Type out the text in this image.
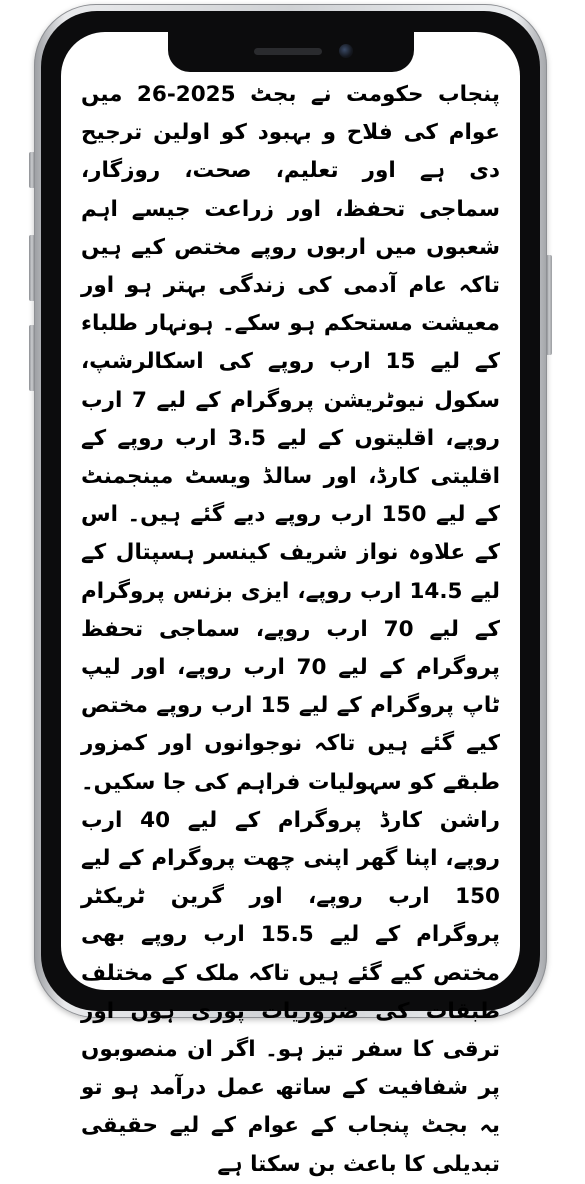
پنجاب حکومت نے بجٹ 2025-26 میں عوام کی فلاح و بہبود کو اولین ترجیح دی ہے اور تعلیم، صحت، روزگار، سماجی تحفظ، اور زراعت جیسے اہم شعبوں میں اربوں روپے مختص کیے ہیں تاکہ عام آدمی کی زندگی بہتر ہو اور معیشت مستحکم ہو سکے۔ ہونہار طلباء کے لیے 15 ارب روپے کی اسکالرشپ، سکول نیوٹریشن پروگرام کے لیے 7 ارب روپے، اقلیتوں کے لیے 3.5 ارب روپے کے اقلیتی کارڈ، اور سالڈ ویسٹ مینجمنٹ کے لیے 150 ارب روپے دیے گئے ہیں۔ اس کے علاوہ نواز شریف کینسر ہسپتال کے لیے 14.5 ارب روپے، ایزی بزنس پروگرام کے لیے 70 ارب روپے، سماجی تحفظ پروگرام کے لیے 70 ارب روپے، اور لیپ ٹاپ پروگرام کے لیے 15 ارب روپے مختص کیے گئے ہیں تاکہ نوجوانوں اور کمزور طبقے کو سہولیات فراہم کی جا سکیں۔ راشن کارڈ پروگرام کے لیے 40 ارب روپے، اپنا گھر اپنی چھت پروگرام کے لیے 150 ارب روپے، اور گرین ٹریکٹر پروگرام کے لیے 15.5 ارب روپے بھی مختص کیے گئے ہیں تاکہ ملک کے مختلف طبقات کی ضروریات پوری ہوں اور ترقی کا سفر تیز ہو۔ اگر ان منصوبوں پر شفافیت کے ساتھ عمل درآمد ہو تو یہ بجٹ پنجاب کے عوام کے لیے حقیقی تبدیلی کا باعث بن سکتا ہے
